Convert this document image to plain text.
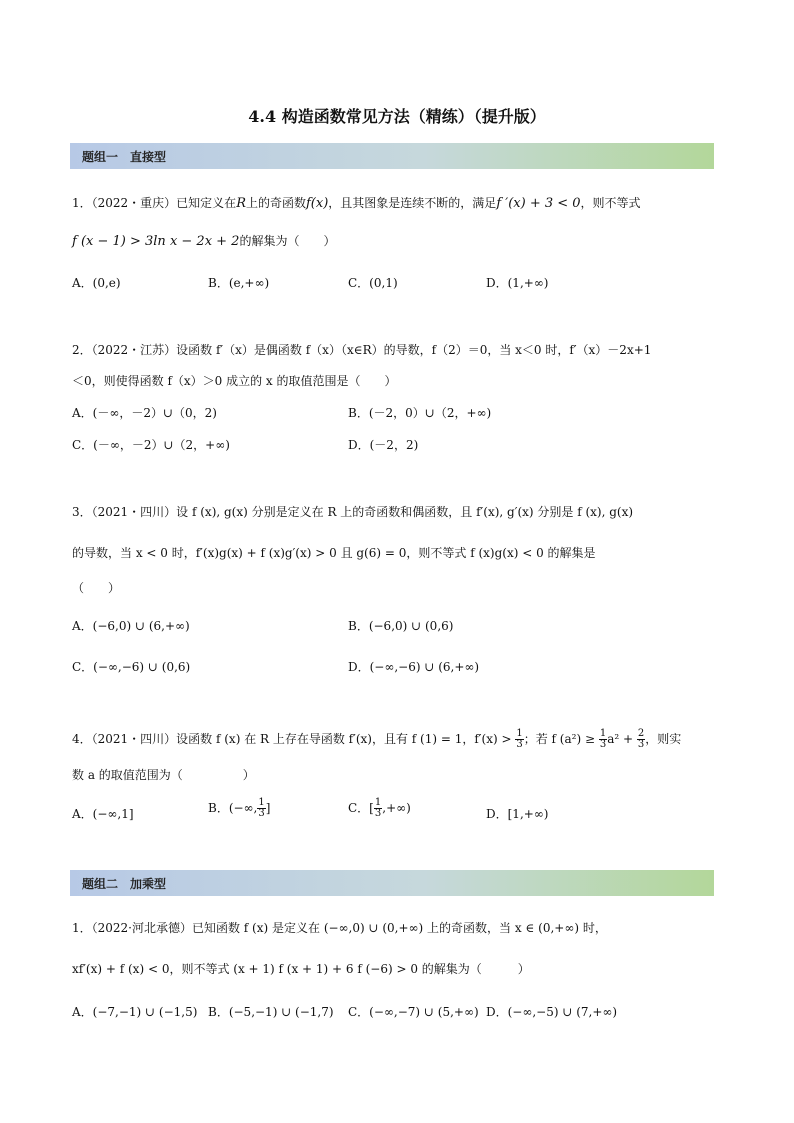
4.4 构造函数常见方法（精练）（提升版）
题组一　直接型
1．（2022・重庆）已知定义在R上的奇函数f(x)，且其图象是连续不断的，满足f ′(x) + 3 < 0，则不等式
f (x − 1) > 3ln x − 2x + 2的解集为（　　）
A．(0,e)	B．(e,+∞)	C．(0,1)	D．(1,+∞)
2．（2022・江苏）设函数 f′（x）是偶函数 f（x）（x∈R）的导数，f（2）＝0，当 x＜0 时，f′（x）－2x+1
＜0，则使得函数 f（x）＞0 成立的 x 的取值范围是（　　）
A．(－∞，－2）∪（0，2)	B．(－2，0）∪（2，+∞)
C．(－∞，－2）∪（2，+∞)	D．(－2，2)
3．（2021・四川）设 f (x), g(x) 分别是定义在 R 上的奇函数和偶函数，且 f′(x), g′(x) 分别是 f (x), g(x)
的导数，当 x < 0 时，f′(x)g(x) + f (x)g′(x) > 0 且 g(6) = 0，则不等式 f (x)g(x) < 0 的解集是
（　　）
A．(−6,0) ∪ (6,+∞)	B．(−6,0) ∪ (0,6)
C．(−∞,−6) ∪ (0,6)	D．(−∞,−6) ∪ (6,+∞)
4．（2021・四川）设函数 f (x) 在 R 上存在导函数 f′(x)，且有 f (1) = 1，$f'(x) > \frac{1}{3}$ ；若 f $(a^2) \ge \frac{1}{3} a^2 + \frac{2}{3}$ ，则实
数 a 的取值范围为（　　　　　）
A．(−∞,1]	B．(−∞, $\frac{1}{3}$ ]	C．[ $\frac{1}{3}$ ,+∞)	D．[1,+∞)
题组二　加乘型
1．（2022·河北承德）已知函数 f (x) 是定义在 (−∞,0) ∪ (0,+∞) 上的奇函数，当 x ∈ (0,+∞) 时，
xf′(x) + f (x) < 0，则不等式 (x + 1) f (x + 1) + 6 f (−6) > 0 的解集为（　　　）
A．(−7,−1) ∪ (−1,5) B．(−5,−1) ∪ (−1,7) C．(−∞,−7) ∪ (5,+∞) D．(−∞,−5) ∪ (7,+∞)
